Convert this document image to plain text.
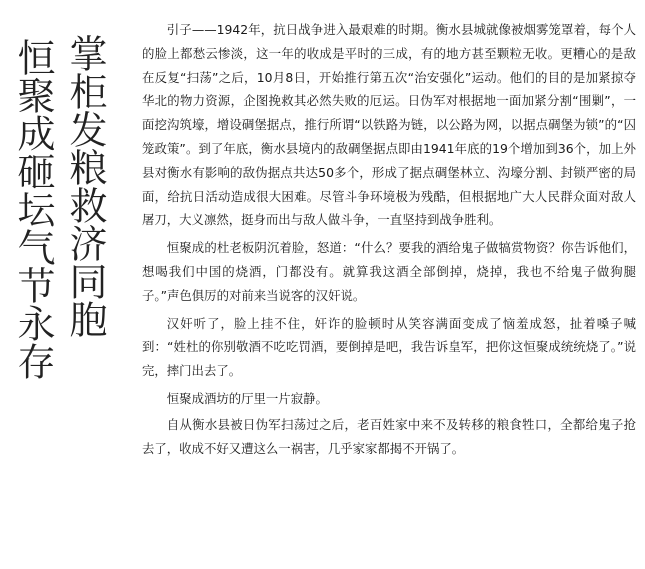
掌柜发粮救济同胞
恒聚成砸坛气节永存

引子——1942年，抗日战争进入最艰难的时期。衡水县城就像被烟雾笼罩着，每个人的脸上都愁云惨淡，这一年的收成是平时的三成，有的地方甚至颗粒无收。更糟心的是敌在反复“扫荡”之后，10月8日，开始推行第五次“治安强化”运动。他们的目的是加紧掠夺华北的物力资源，企图挽救其必然失败的厄运。日伪军对根据地一面加紧分割“围剿”，一面挖沟筑壕，增设碉堡据点，推行所谓“以铁路为链，以公路为网，以据点碉堡为锁”的“囚笼政策”。到了年底，衡水县境内的敌碉堡据点即由1941年底的19个增加到36个，加上外县对衡水有影响的敌伪据点共达50多个，形成了据点碉堡林立、沟壕分割、封锁严密的局面，给抗日活动造成很大困难。尽管斗争环境极为残酷，但根据地广大人民群众面对敌人屠刀，大义凛然，挺身而出与敌人做斗争，一直坚持到战争胜利。

恒聚成的杜老板阴沉着脸，怒道：“什么？要我的酒给鬼子做犒赏物资？你告诉他们，想喝我们中国的烧酒，门都没有。就算我这酒全部倒掉，烧掉，我也不给鬼子做狗腿子。”声色俱厉的对前来当说客的汉奸说。

汉奸听了，脸上挂不住，奸诈的脸顿时从笑容满面变成了恼羞成怒，扯着嗓子喊到：“姓杜的你别敬酒不吃吃罚酒，要倒掉是吧，我告诉皇军，把你这恒聚成统统烧了。”说完，摔门出去了。

恒聚成酒坊的厅里一片寂静。

自从衡水县被日伪军扫荡过之后，老百姓家中来不及转移的粮食牲口，全都给鬼子抢去了，收成不好又遭这么一祸害，几乎家家都揭不开锅了。
